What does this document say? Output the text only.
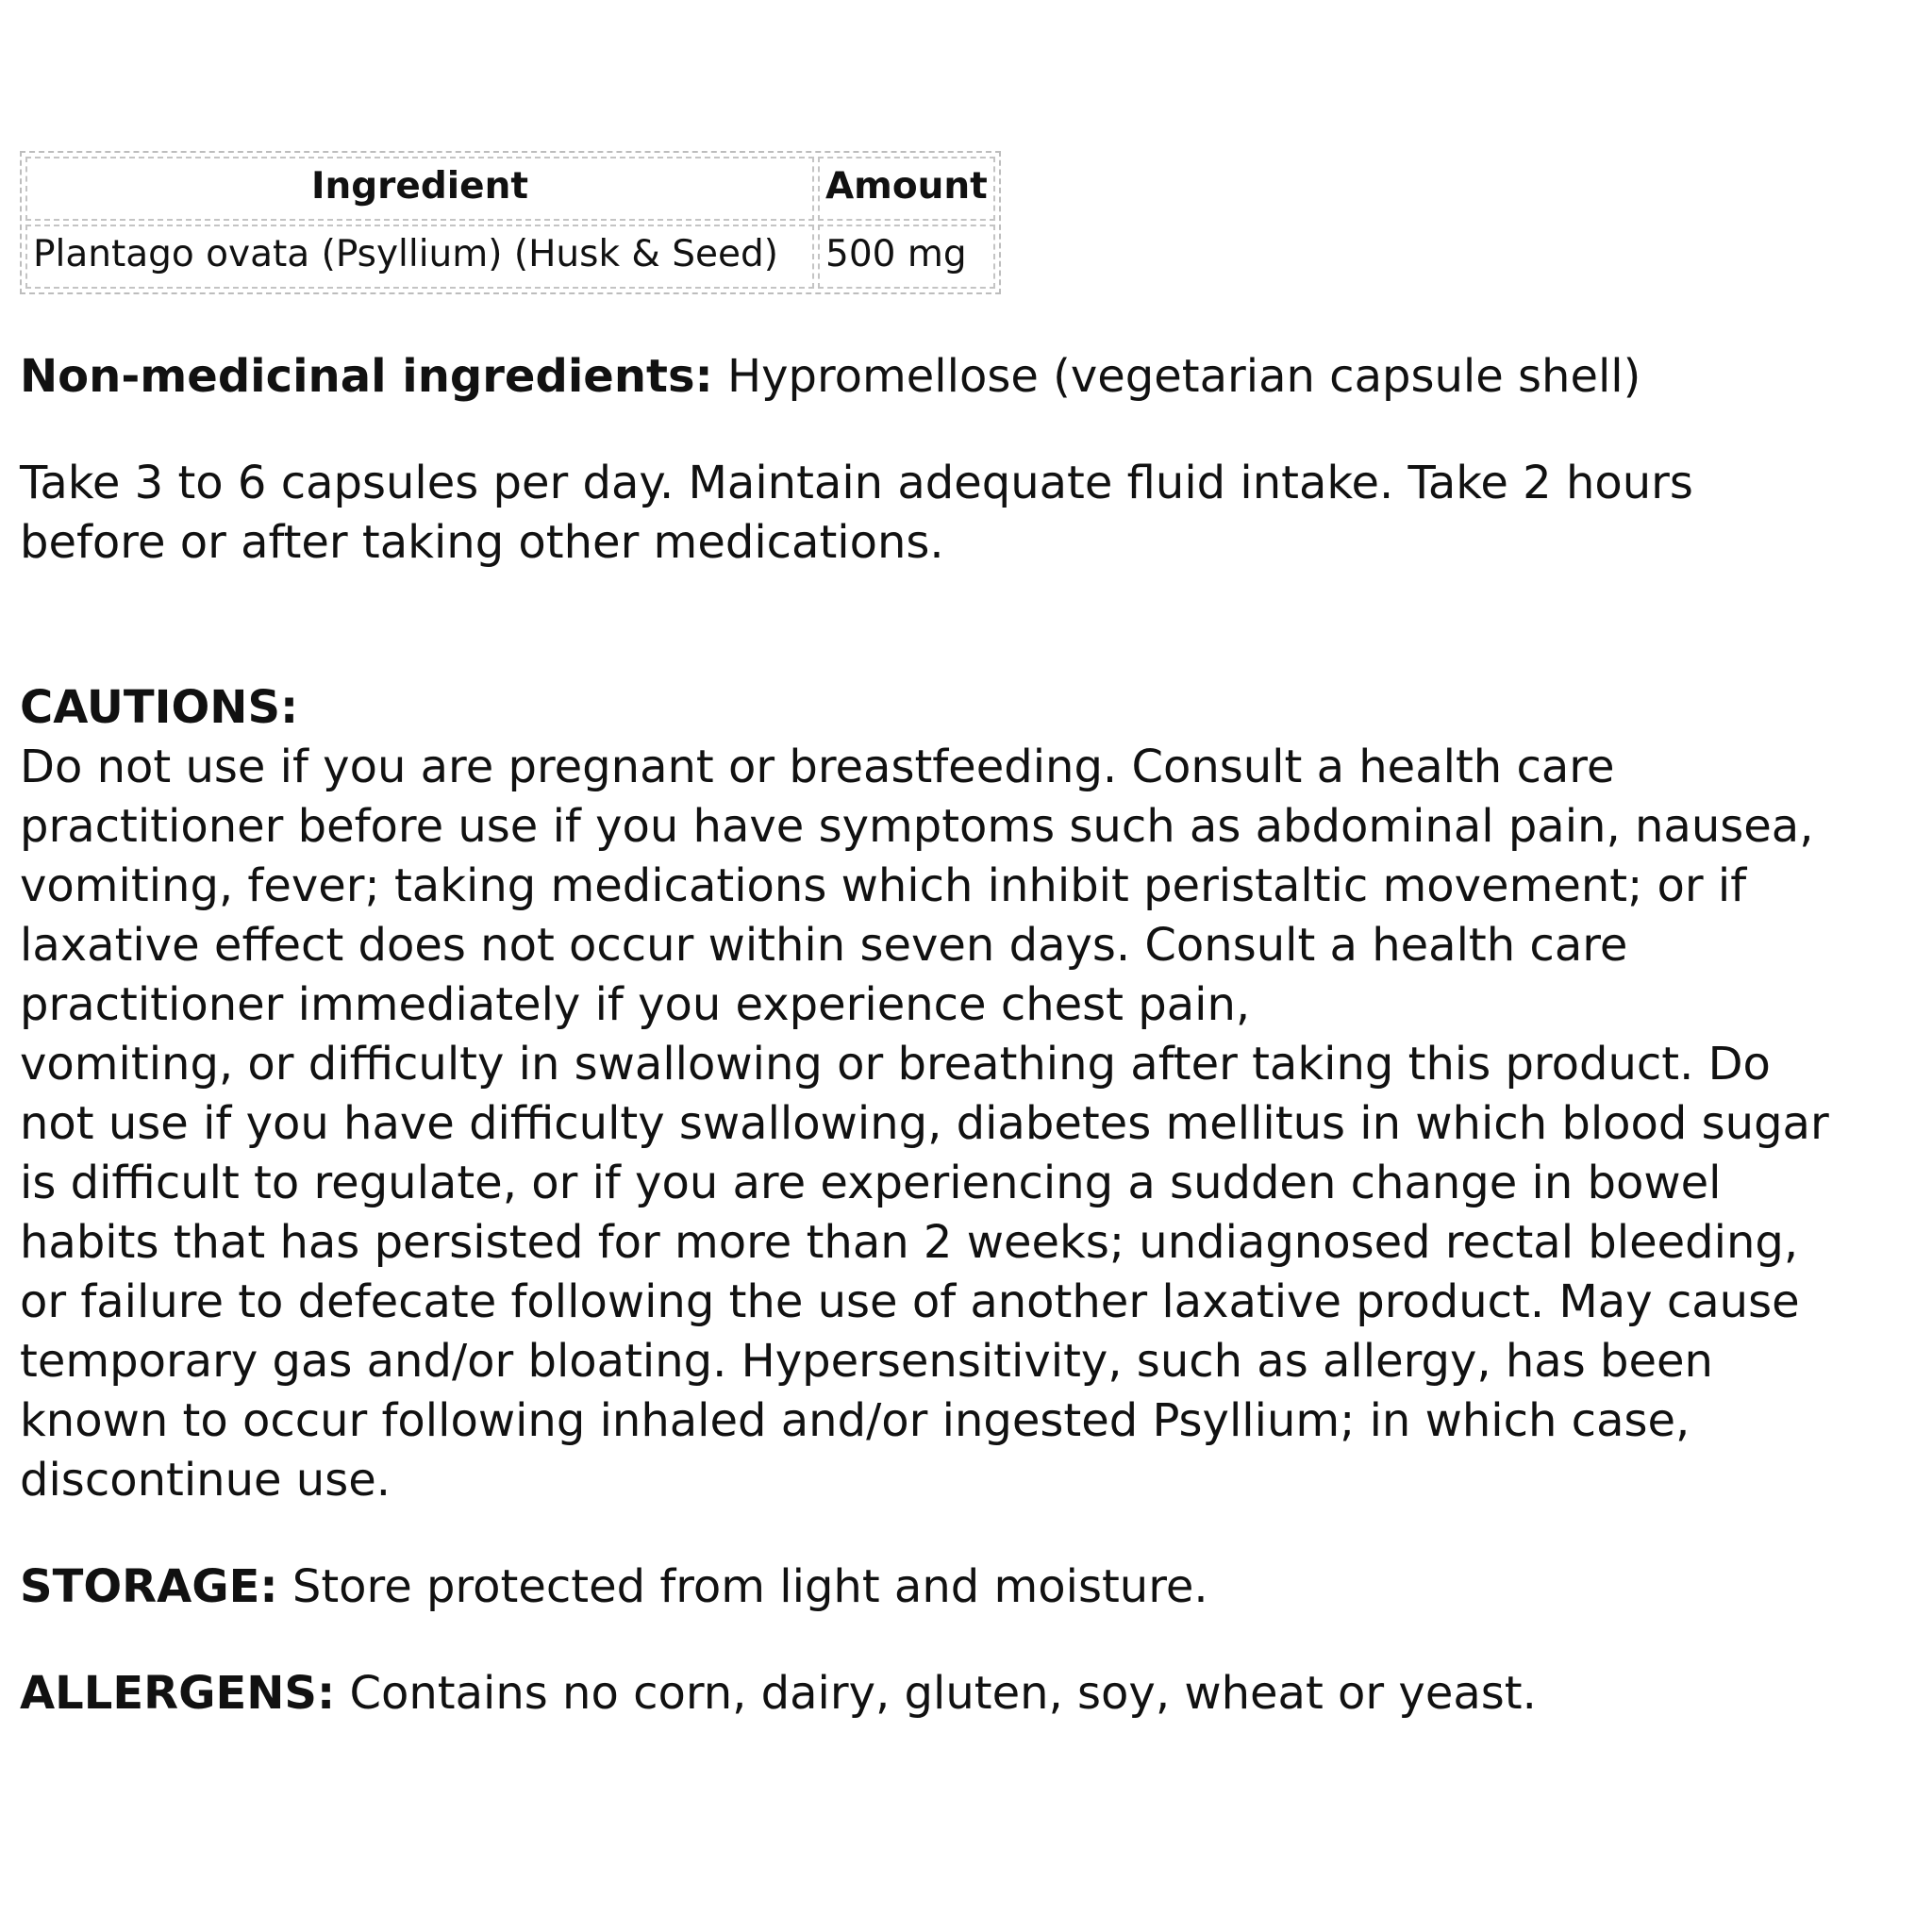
Ingredient	Amount
Plantago ovata (Psyllium) (Husk & Seed)	500 mg

Non-medicinal ingredients: Hypromellose (vegetarian capsule shell)

Take 3 to 6 capsules per day. Maintain adequate fluid intake. Take 2 hours
before or after taking other medications.
CAUTIONS:
Do not use if you are pregnant or breastfeeding. Consult a health care
practitioner before use if you have symptoms such as abdominal pain, nausea,
vomiting, fever; taking medications which inhibit peristaltic movement; or if
laxative effect does not occur within seven days. Consult a health care
practitioner immediately if you experience chest pain,
vomiting, or difficulty in swallowing or breathing after taking this product. Do
not use if you have difficulty swallowing, diabetes mellitus in which blood sugar
is difficult to regulate, or if you are experiencing a sudden change in bowel
habits that has persisted for more than 2 weeks; undiagnosed rectal bleeding,
or failure to defecate following the use of another laxative product. May cause
temporary gas and/or bloating. Hypersensitivity, such as allergy, has been
known to occur following inhaled and/or ingested Psyllium; in which case,
discontinue use.

STORAGE: Store protected from light and moisture.

ALLERGENS: Contains no corn, dairy, gluten, soy, wheat or yeast.
